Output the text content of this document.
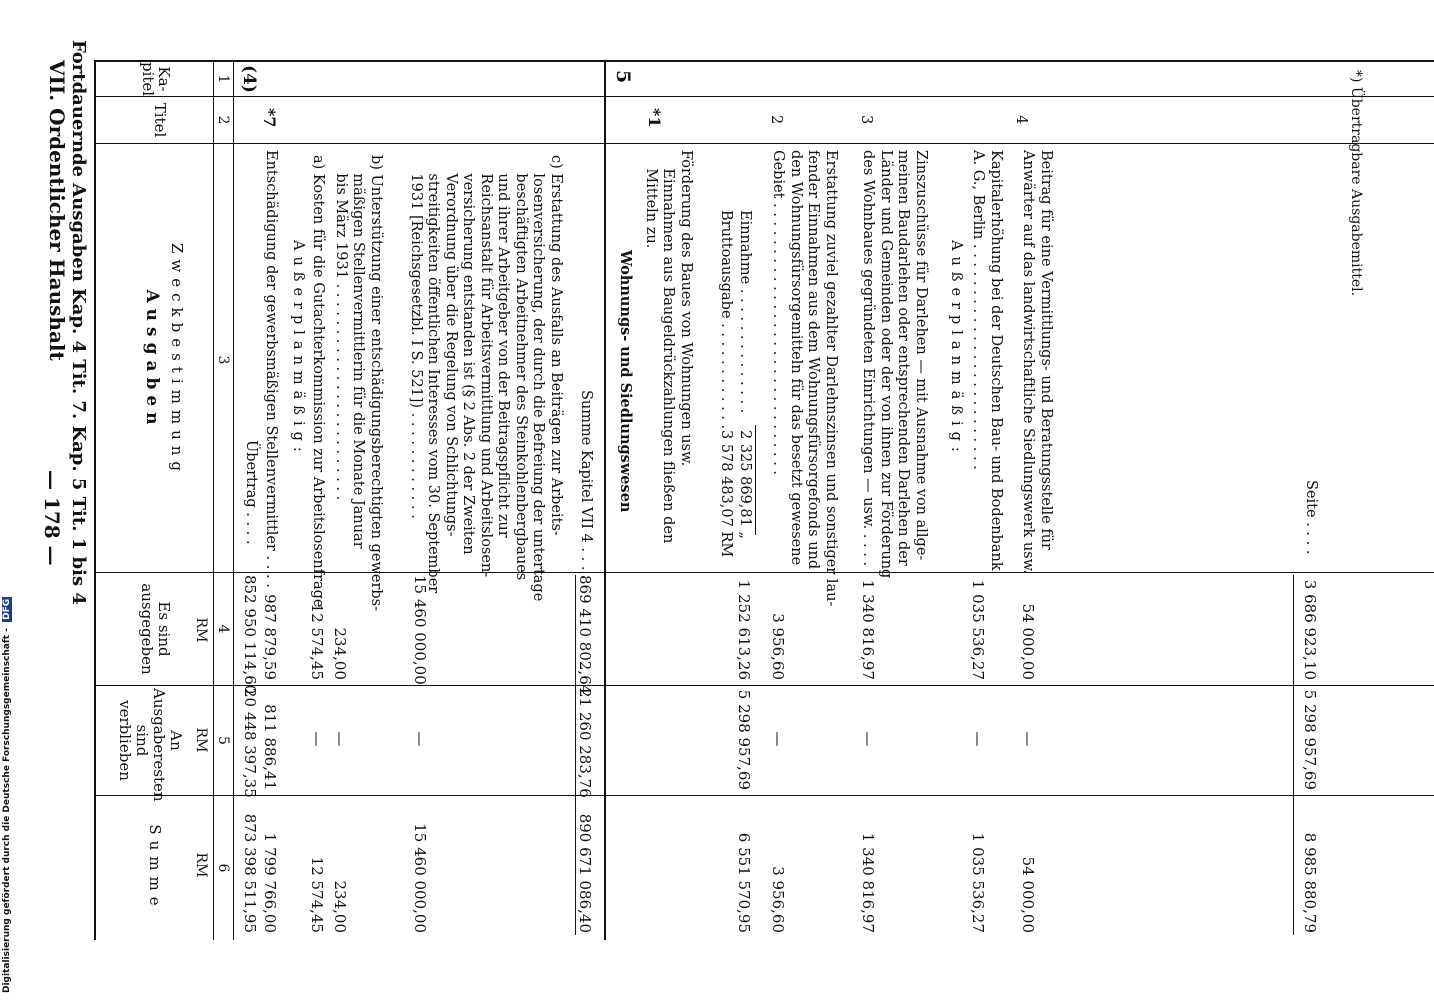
VII. Ordentlicher Haushalt
— 178 — Fortdauernde Ausgaben Kap. 4 Tit. 7. Kap. 5 Tit. 1 bis 4	Ka-
pitel
Titel
Ausgaben Zweckbestimmung
Es sind
ausgegeben
An
Ausgaberesten
sind verblieben
Summe
RM
RM
RM
1
2
3
4
5
6
(4)
Übertrag . . . .
852 950 114,60
20 448 397,35
873 398 511,95
*7
Entschädigung der gewerbsmäßigen Stellenvermittler . . . .
987 879,59
811 886,41
1 799 766,00
Außerplanmäßig: a) Kosten für die Gutachterkommission zur Arbeitslosenfrage
12 574,45
—
12 574,45
b) Unterstützung einer entschädigungsberechtigten gewerbs-
mäßigen Stellenvermittlerin für die Monate Januar
bis März 1931 . . . . . . . . . . . . . . . . . . . . . . . .
234,00
—
234,00
c) Erstattung des Ausfalls an Beiträgen zur Arbeits-
losenversicherung, der durch die Befreiung der untertage
beschäftigten Arbeitnehmer des Steinkohlenbergbaues
und ihrer Arbeitgeber von der Beitragspflicht zur
Reichsanstalt für Arbeitsvermittlung und Arbeitslosen-
versicherung entstanden ist (§ 2 Abs. 2 der Zweiten
Verordnung über die Regelung von Schlichtungs-
streitigkeiten öffentlichen Interesses vom 30. September
1931 [Reichsgesetzbl. I S. 521]) . . . . . . . . . . . .
15 460 000,00
—
15 460 000,00
Summe Kapitel VII 4 . . . .
869 410 802,64
21 260 283,76
890 671 086,40
5
Wohnungs- und Siedlungswesen
*1
Förderung des Baues von Wohnungen usw.
Einnahmen aus Baugeldrückzahlungen fließen den
Mitteln zu.	Bruttoausgabe . . . . . . . . . . . .
3 578 483,07 RM
Einnahme . . . . . . . . . . . . . .
2 325 869,81 „
1 252 613,26
5 298 957,69
6 551 570,95
2
Erstattung zuviel gezahlter Darlehnszinsen und sonstiger lau-
fender Einnahmen aus dem Wohnungsfürsorgefonds und
den Wohnungsfürsorgemitteln für das besetzt gewesene
Gebiet . . . . . . . . . . . . . . . . . . . . . . . . . . . . . .
3 956,60
—
3 956,60
3
Zinszuschüsse für Darlehen — mit Ausnahme von allge-
meinen Baudarlehen oder entsprechenden Darlehen der
Länder und Gemeinden oder der von ihnen zur Förderung
des Wohnbaues gegründeten Einrichtungen — usw. . . . .
1 340 816,97
—
1 340 816,97
Außerplanmäßig:
Kapitalerhöhung bei der Deutschen Bau- und Bodenbank
A. G., Berlin . . . . . . . . . . . . . . . . . . . . . . . . .
1 035 536,27
—
1 035 536,27
4
Beitrag für eine Vermittlungs- und Beratungsstelle für
Anwärter auf das landwirtschaftliche Siedlungswerk usw.
54 000,00
—
54 000,00
Seite . . . .
3 686 923,10
5 298 957,69
8 985 880,79
*) Übertragbare Ausgabemittel.
Digitalisierung gefördert durch die Deutsche Forschungsgemeinschaft - DFG
